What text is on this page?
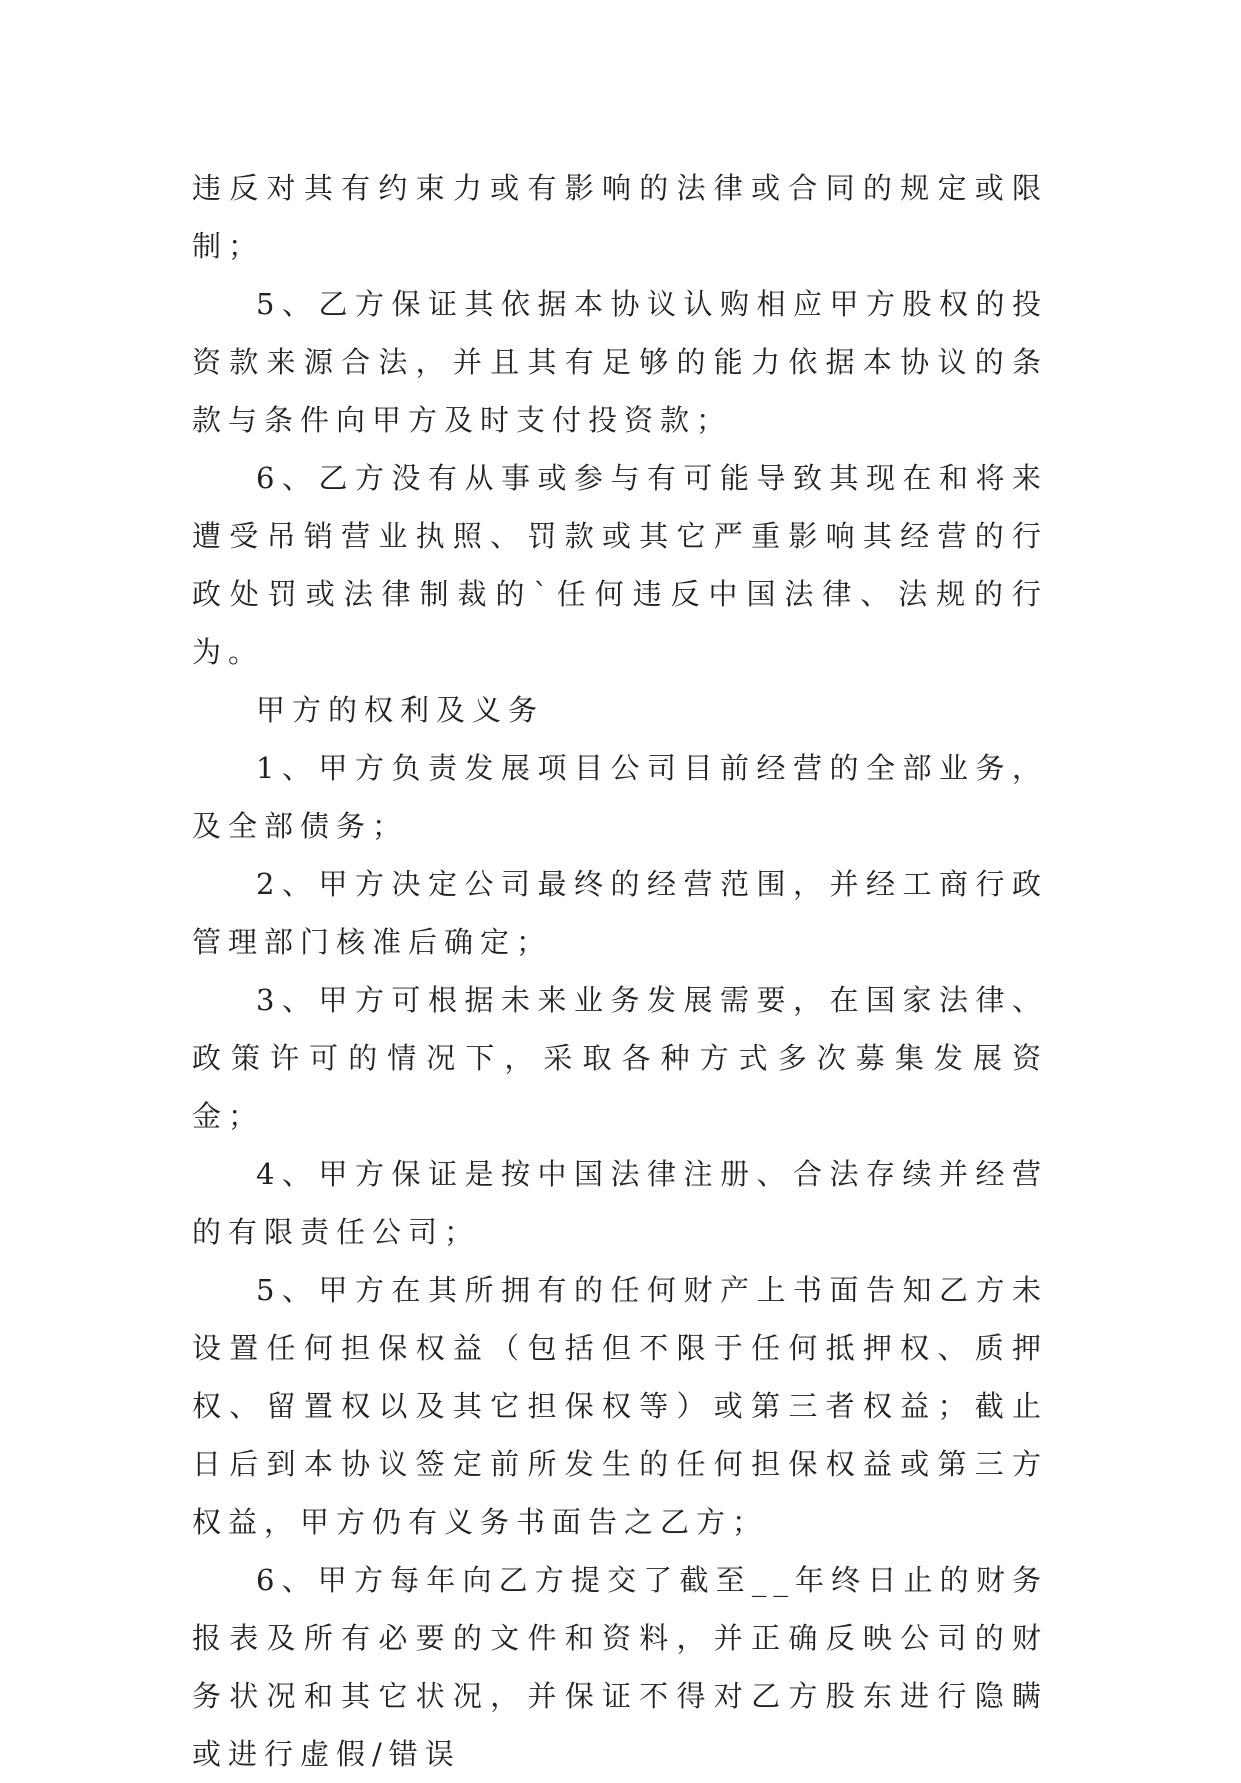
违反对其有约束力或有影响的法律或合同的规定或限制；

5、乙方保证其依据本协议认购相应甲方股权的投资款来源合法，并且其有足够的能力依据本协议的条款与条件向甲方及时支付投资款；

6、乙方没有从事或参与有可能导致其现在和将来遭受吊销营业执照、罚款或其它严重影响其经营的行政处罚或法律制裁的`任何违反中国法律、法规的行为。

甲方的权利及义务

1、甲方负责发展项目公司目前经营的全部业务，及全部债务；

2、甲方决定公司最终的经营范围，并经工商行政管理部门核准后确定；

3、甲方可根据未来业务发展需要，在国家法律、政策许可的情况下，采取各种方式多次募集发展资金；

4、甲方保证是按中国法律注册、合法存续并经营的有限责任公司；

5、甲方在其所拥有的任何财产上书面告知乙方未设置任何担保权益（包括但不限于任何抵押权、质押权、留置权以及其它担保权等）或第三者权益；截止日后到本协议签定前所发生的任何担保权益或第三方权益，甲方仍有义务书面告之乙方；

6、甲方每年向乙方提交了截至__年终日止的财务报表及所有必要的文件和资料，并正确反映公司的财务状况和其它状况，并保证不得对乙方股东进行隐瞒或进行虚假/错误
